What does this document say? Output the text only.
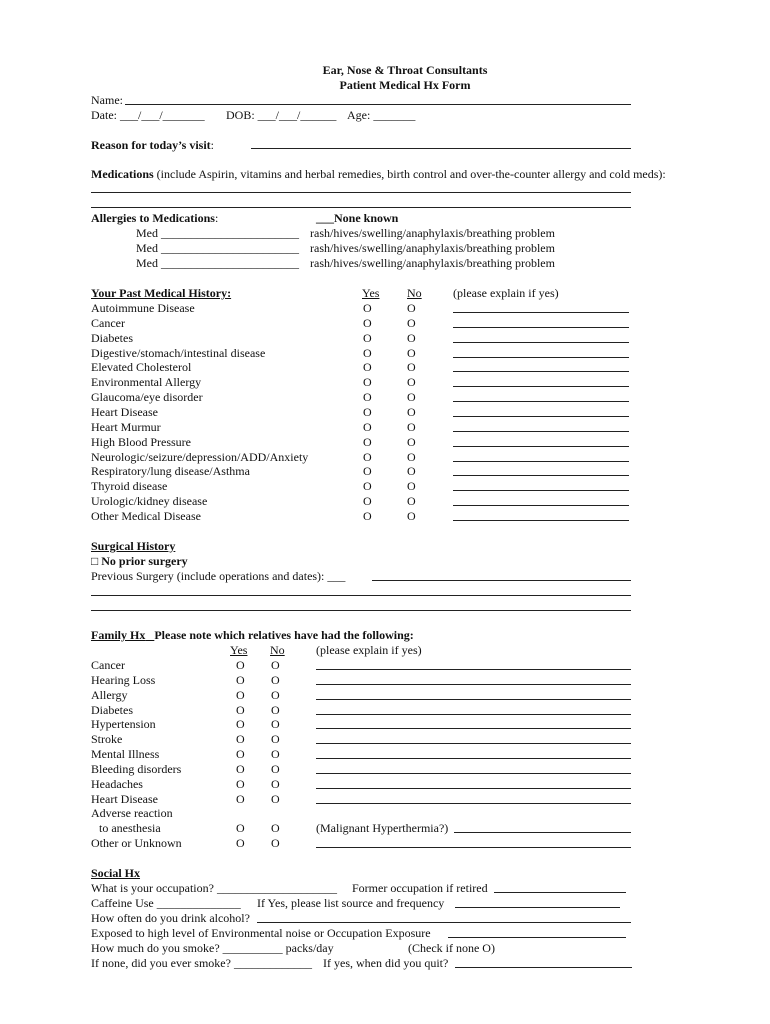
Ear, Nose & Throat Consultants
Patient Medical Hx Form
Name:
Date: ___/___/_______ DOB: ___/___/______ Age: _______
Reason for today’s visit:
Medications (include Aspirin, vitamins and herbal remedies, birth control and over-the-counter allergy and cold meds):
Allergies to Medications:	___None known
Med _______________________ rash/hives/swelling/anaphylaxis/breathing problem
Med _______________________ rash/hives/swelling/anaphylaxis/breathing problem
Med _______________________ rash/hives/swelling/anaphylaxis/breathing problem
Your Past Medical History:	Yes No	(please explain if yes)
Autoimmune Disease	O	O
Cancer	O	O
Diabetes	O	O
Digestive/stomach/intestinal disease	O	O
Elevated Cholesterol	O	O
Environmental Allergy	O	O
Glaucoma/eye disorder	O	O
Heart Disease	O	O
Heart Murmur	O	O
High Blood Pressure	O	O
Neurologic/seizure/depression/ADD/Anxiety	O	O
Respiratory/lung disease/Asthma	O	O
Thyroid disease	O	O
Urologic/kidney disease	O	O
Other Medical Disease	O	O
Surgical History
□ No prior surgery
Previous Surgery (include operations and dates): ___
Family Hx Please note which relatives have had the following:
Yes No	(please explain if yes)
Cancer	O O
Hearing Loss	O O
Allergy	O O
Diabetes	O O
Hypertension	O O
Stroke	O O
Mental Illness	O O
Bleeding disorders	O O
Headaches	O O
Heart Disease	O O
Adverse reaction
to anesthesia	O O	(Malignant Hyperthermia?)
Other or Unknown	O O
Social Hx
What is your occupation? ____________________ Former occupation if retired
Caffeine Use ______________ If Yes, please list source and frequency
How often do you drink alcohol?
Exposed to high level of Environmental noise or Occupation Exposure
How much do you smoke? __________ packs/day	(Check if none O)
If none, did you ever smoke? _____________ If yes, when did you quit?
